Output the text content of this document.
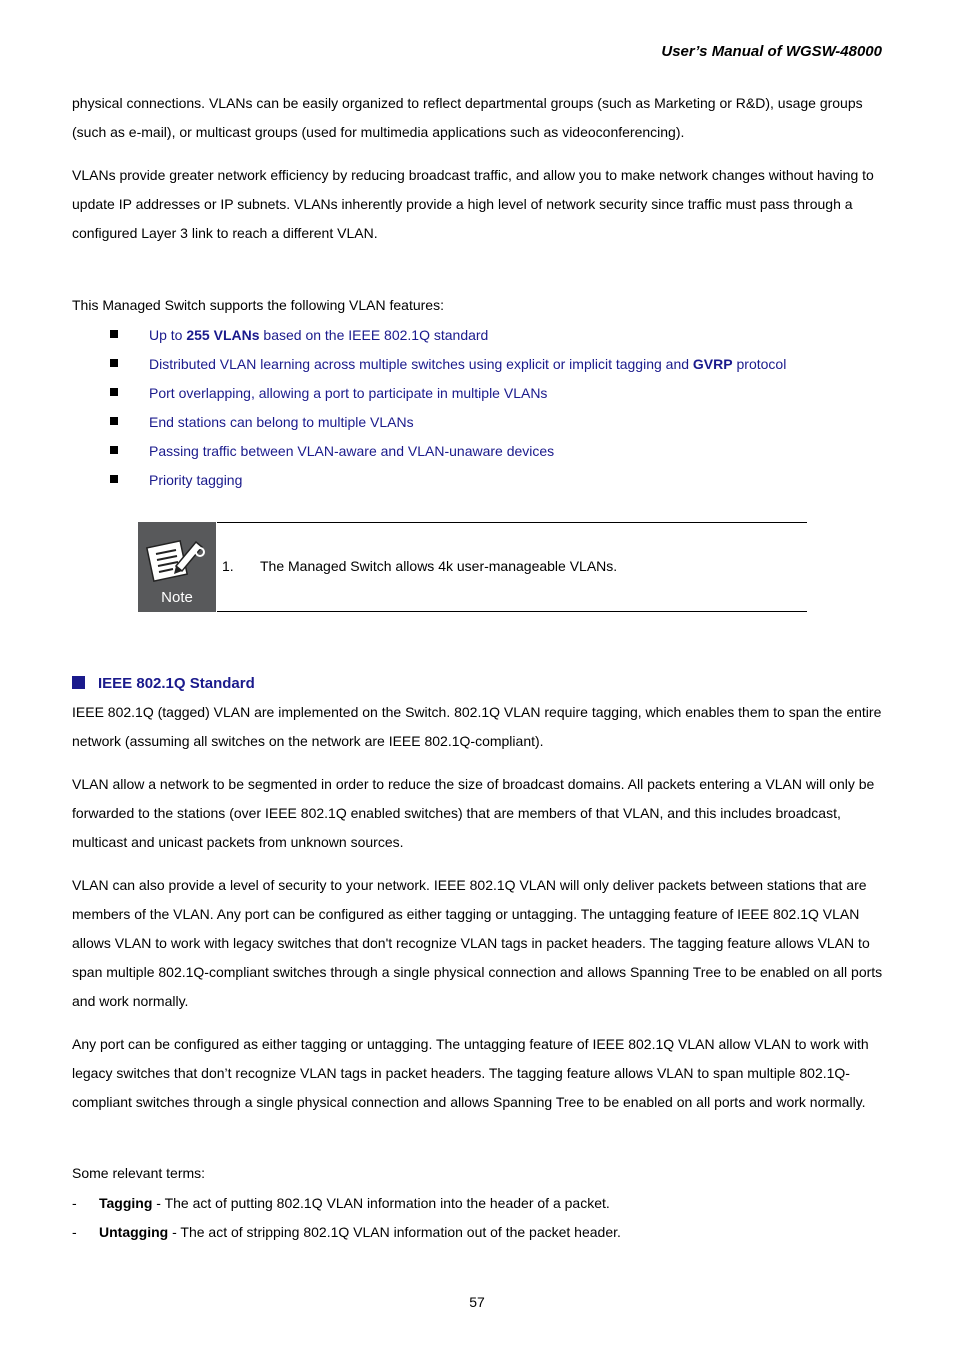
User’s Manual of WGSW-48000

physical connections. VLANs can be easily organized to reflect departmental groups (such as Marketing or R&D), usage groups (such as e-mail), or multicast groups (used for multimedia applications such as videoconferencing).

VLANs provide greater network efficiency by reducing broadcast traffic, and allow you to make network changes without having to update IP addresses or IP subnets. VLANs inherently provide a high level of network security since traffic must pass through a configured Layer 3 link to reach a different VLAN.

This Managed Switch supports the following VLAN features:

Up to 255 VLANs based on the IEEE 802.1Q standard
Distributed VLAN learning across multiple switches using explicit or implicit tagging and GVRP protocol
Port overlapping, allowing a port to participate in multiple VLANs
End stations can belong to multiple VLANs
Passing traffic between VLAN-aware and VLAN-unaware devices
Priority tagging
Note
1. The Managed Switch allows 4k user-manageable VLANs.
IEEE 802.1Q Standard

IEEE 802.1Q (tagged) VLAN are implemented on the Switch. 802.1Q VLAN require tagging, which enables them to span the entire network (assuming all switches on the network are IEEE 802.1Q-compliant).

VLAN allow a network to be segmented in order to reduce the size of broadcast domains. All packets entering a VLAN will only be forwarded to the stations (over IEEE 802.1Q enabled switches) that are members of that VLAN, and this includes broadcast, multicast and unicast packets from unknown sources.

VLAN can also provide a level of security to your network. IEEE 802.1Q VLAN will only deliver packets between stations that are members of the VLAN. Any port can be configured as either tagging or untagging. The untagging feature of IEEE 802.1Q VLAN allows VLAN to work with legacy switches that don't recognize VLAN tags in packet headers. The tagging feature allows VLAN to span multiple 802.1Q-compliant switches through a single physical connection and allows Spanning Tree to be enabled on all ports and work normally.

Any port can be configured as either tagging or untagging. The untagging feature of IEEE 802.1Q VLAN allow VLAN to work with legacy switches that don’t recognize VLAN tags in packet headers. The tagging feature allows VLAN to span multiple 802.1Q-compliant switches through a single physical connection and allows Spanning Tree to be enabled on all ports and work normally.

Some relevant terms:

- Tagging - The act of putting 802.1Q VLAN information into the header of a packet.
- Untagging - The act of stripping 802.1Q VLAN information out of the packet header.
57
